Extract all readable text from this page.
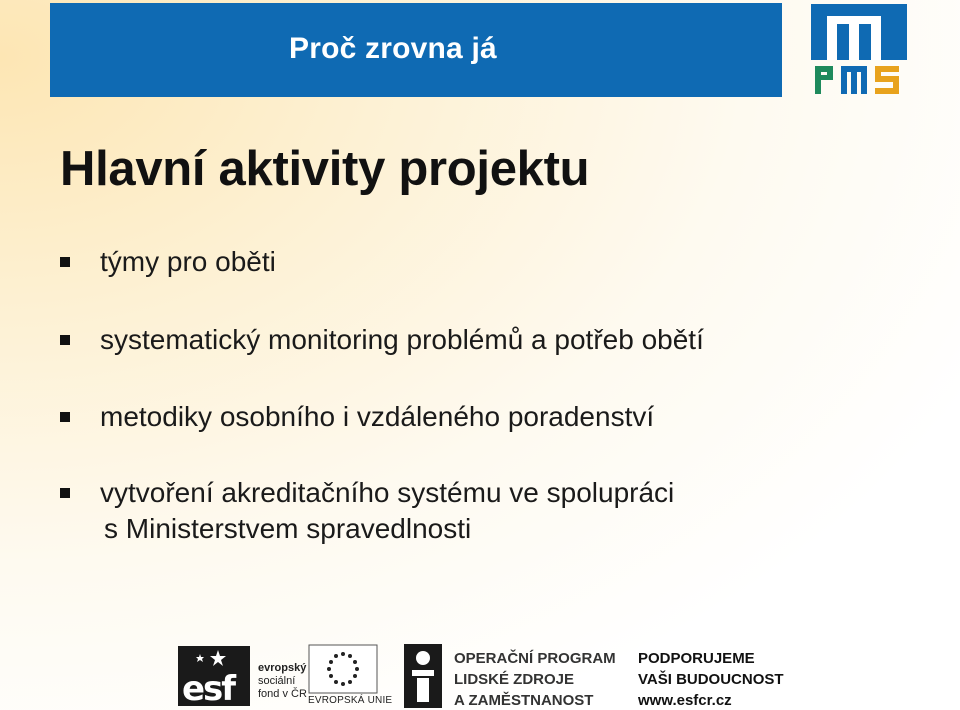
Proč zrovna já
Hlavní aktivity projektu
týmy pro oběti
systematický monitoring problémů a potřeb obětí
metodiky osobního i vzdáleného poradenství
vytvoření akreditačního systému ve spolupráci
s Ministerstvem spravedlnosti
esf
evropský
sociální
fond v ČR
EVROPSKÁ UNIE
OPERAČNÍ PROGRAM
LIDSKÉ ZDROJE
A ZAMĚSTNANOST
PODPORUJEME
VAŠI BUDOUCNOST
www.esfcr.cz
